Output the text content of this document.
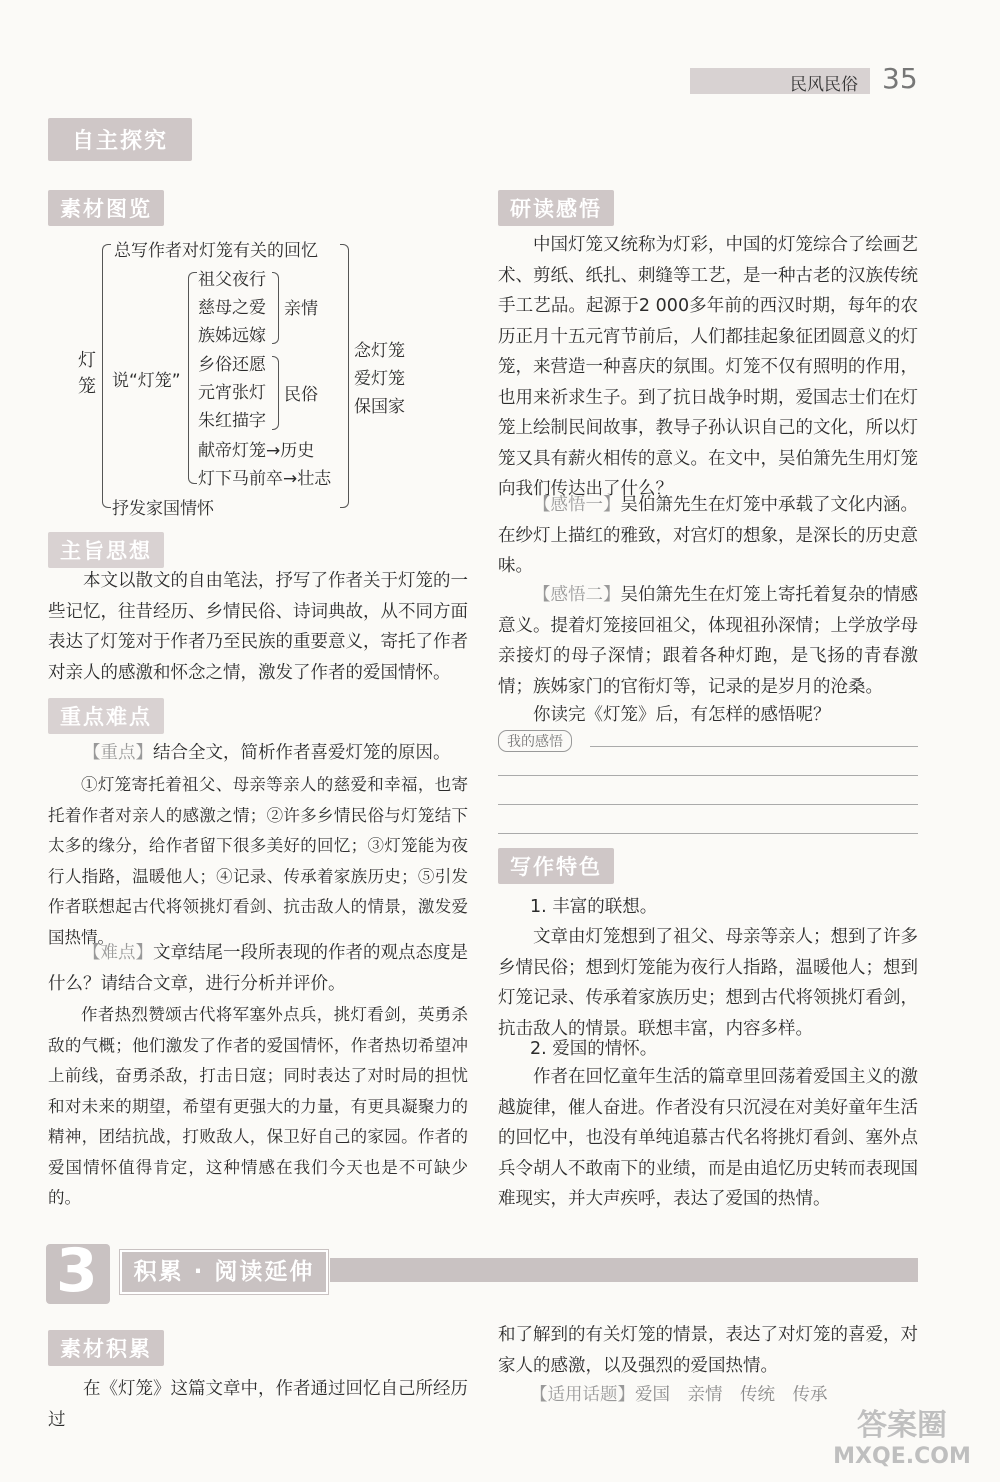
民风民俗 35
自主探究
素材图览
灯笼
总写作者对灯笼有关的回忆
说“灯笼”
祖父夜行
慈母之爱
族姊远嫁
亲情
乡俗还愿
元宵张灯
朱红描字
民俗
献帝灯笼→历史
灯下马前卒→壮志
抒发家国情怀
念灯笼
爱灯笼
保国家
主旨思想
本文以散文的自由笔法，抒写了作者关于灯笼的一些记忆，往昔经历、乡情民俗、诗词典故，从不同方面表达了灯笼对于作者乃至民族的重要意义，寄托了作者对亲人的感激和怀念之情，激发了作者的爱国情怀。
重点难点
【重点】结合全文，简析作者喜爱灯笼的原因。
①灯笼寄托着祖父、母亲等亲人的慈爱和幸福，也寄托着作者对亲人的感激之情；②许多乡情民俗与灯笼结下太多的缘分，给作者留下很多美好的回忆；③灯笼能为夜行人指路，温暖他人；④记录、传承着家族历史；⑤引发作者联想起古代将领挑灯看剑、抗击敌人的情景，激发爱国热情。
【难点】文章结尾一段所表现的作者的观点态度是什么？请结合文章，进行分析并评价。
作者热烈赞颂古代将军塞外点兵，挑灯看剑，英勇杀敌的气概；他们激发了作者的爱国情怀，作者热切希望冲上前线，奋勇杀敌，打击日寇；同时表达了对时局的担忧和对未来的期望，希望有更强大的力量，有更具凝聚力的精神，团结抗战，打败敌人，保卫好自己的家园。作者的爱国情怀值得肯定，这种情感在我们今天也是不可缺少的。
研读感悟
中国灯笼又统称为灯彩，中国的灯笼综合了绘画艺术、剪纸、纸扎、刺缝等工艺，是一种古老的汉族传统手工艺品。起源于2 000多年前的西汉时期，每年的农历正月十五元宵节前后，人们都挂起象征团圆意义的灯笼，来营造一种喜庆的氛围。灯笼不仅有照明的作用，也用来祈求生子。到了抗日战争时期，爱国志士们在灯笼上绘制民间故事，教导子孙认识自己的文化，所以灯笼又具有薪火相传的意义。在文中，吴伯箫先生用灯笼向我们传达出了什么？
【感悟一】吴伯箫先生在灯笼中承载了文化内涵。在纱灯上描红的雅致，对宫灯的想象，是深长的历史意味。
【感悟二】吴伯箫先生在灯笼上寄托着复杂的情感意义。提着灯笼接回祖父，体现祖孙深情；上学放学母亲接灯的母子深情；跟着各种灯跑，是飞扬的青春激情；族姊家门的官衔灯等，记录的是岁月的沧桑。
你读完《灯笼》后，有怎样的感悟呢？
我的感悟
写作特色
1. 丰富的联想。
文章由灯笼想到了祖父、母亲等亲人；想到了许多乡情民俗；想到灯笼能为夜行人指路，温暖他人；想到灯笼记录、传承着家族历史；想到古代将领挑灯看剑，抗击敌人的情景。联想丰富，内容多样。
2. 爱国的情怀。
作者在回忆童年生活的篇章里回荡着爱国主义的激越旋律，催人奋进。作者没有只沉浸在对美好童年生活的回忆中，也没有单纯追慕古代名将挑灯看剑、塞外点兵令胡人不敢南下的业绩，而是由追忆历史转而表现国难现实，并大声疾呼，表达了爱国的热情。
3	积累 · 阅读延伸
素材积累
在《灯笼》这篇文章中，作者通过回忆自己所经历过
和了解到的有关灯笼的情景，表达了对灯笼的喜爱，对家人的感激，以及强烈的爱国热情。
【适用话题】爱国　亲情　传统　传承
答案圈
MXQE.COM
